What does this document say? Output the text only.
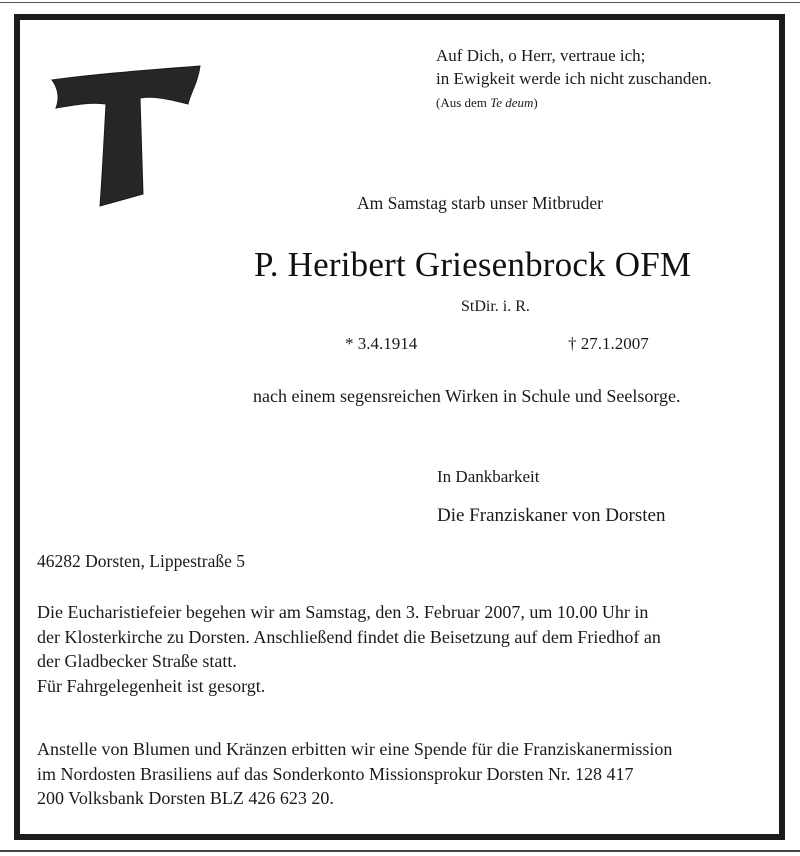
Auf Dich, o Herr, vertraue ich;
in Ewigkeit werde ich nicht zuschanden.
(Aus dem Te deum)
Am Samstag starb unser Mitbruder
P. Heribert Griesenbrock OFM
StDir. i. R.
* 3.4.1914	† 27.1.2007
nach einem segensreichen Wirken in Schule und Seelsorge.
In Dankbarkeit
Die Franziskaner von Dorsten
46282 Dorsten, Lippestraße 5
Die Eucharistiefeier begehen wir am Samstag, den 3. Februar 2007, um 10.00 Uhr in
der Klosterkirche zu Dorsten. Anschließend findet die Beisetzung auf dem Friedhof an
der Gladbecker Straße statt.
Für Fahrgelegenheit ist gesorgt.
Anstelle von Blumen und Kränzen erbitten wir eine Spende für die Franziskanermission
im Nordosten Brasiliens auf das Sonderkonto Missionsprokur Dorsten Nr. 128 417
200 Volksbank Dorsten BLZ 426 623 20.
